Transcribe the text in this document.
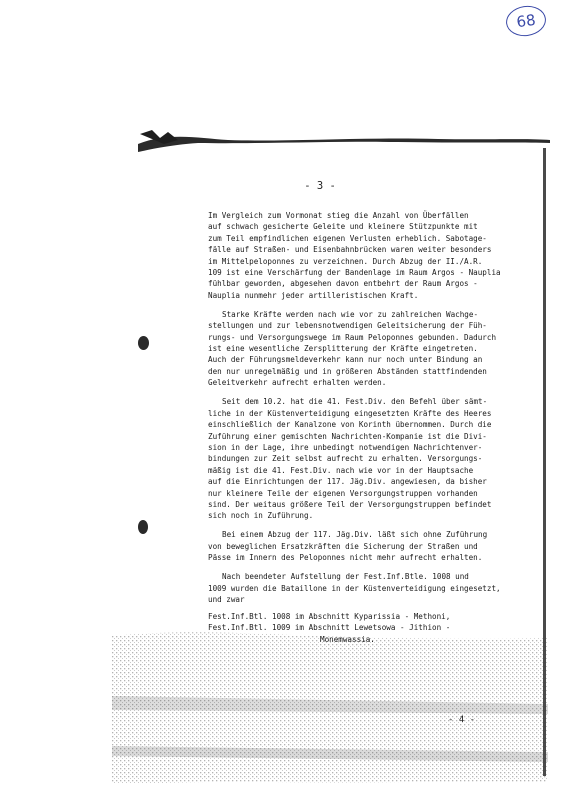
68
- 3 -
Im Vergleich zum Vormonat stieg die Anzahl von Überfällen
auf schwach gesicherte Geleite und kleinere Stützpunkte mit
zum Teil empfindlichen eigenen Verlusten erheblich. Sabotage-
fälle auf Straßen- und Eisenbahnbrücken waren weiter besonders
im Mittelpeloponnes zu verzeichnen. Durch Abzug der II./A.R.
109 ist eine Verschärfung der Bandenlage im Raum Argos - Nauplia
fühlbar geworden, abgesehen davon entbehrt der Raum Argos -
Nauplia nunmehr jeder artilleristischen Kraft.
Starke Kräfte werden nach wie vor zu zahlreichen Wachge-
stellungen und zur lebensnotwendigen Geleitsicherung der Füh-
rungs- und Versorgungswege im Raum Peloponnes gebunden. Dadurch
ist eine wesentliche Zersplitterung der Kräfte eingetreten.
Auch der Führungsmeldeverkehr kann nur noch unter Bindung an
den nur unregelmäßig und in größeren Abständen stattfindenden
Geleitverkehr aufrecht erhalten werden.
Seit dem 10.2. hat die 41. Fest.Div. den Befehl über sämt-
liche in der Küstenverteidigung eingesetzten Kräfte des Heeres
einschließlich der Kanalzone von Korinth übernommen. Durch die
Zuführung einer gemischten Nachrichten-Kompanie ist die Divi-
sion in der Lage, ihre unbedingt notwendigen Nachrichtenver-
bindungen zur Zeit selbst aufrecht zu erhalten. Versorgungs-
mäßig ist die 41. Fest.Div. nach wie vor in der Hauptsache
auf die Einrichtungen der 117. Jäg.Div. angewiesen, da bisher
nur kleinere Teile der eigenen Versorgungstruppen vorhanden
sind. Der weitaus größere Teil der Versorgungstruppen befindet
sich noch in Zuführung.
Bei einem Abzug der 117. Jäg.Div. läßt sich ohne Zuführung
von beweglichen Ersatzkräften die Sicherung der Straßen und
Pässe im Innern des Peloponnes nicht mehr aufrecht erhalten.
Nach beendeter Aufstellung der Fest.Inf.Btle. 1008 und
1009 wurden die Bataillone in der Küstenverteidigung eingesetzt,
und zwar
Fest.Inf.Btl. 1008 im Abschnitt Kyparissia - Methoni,
Fest.Inf.Btl. 1009 im Abschnitt Lewetsowa - Jithion -
Monemwassia.
- 4 -
